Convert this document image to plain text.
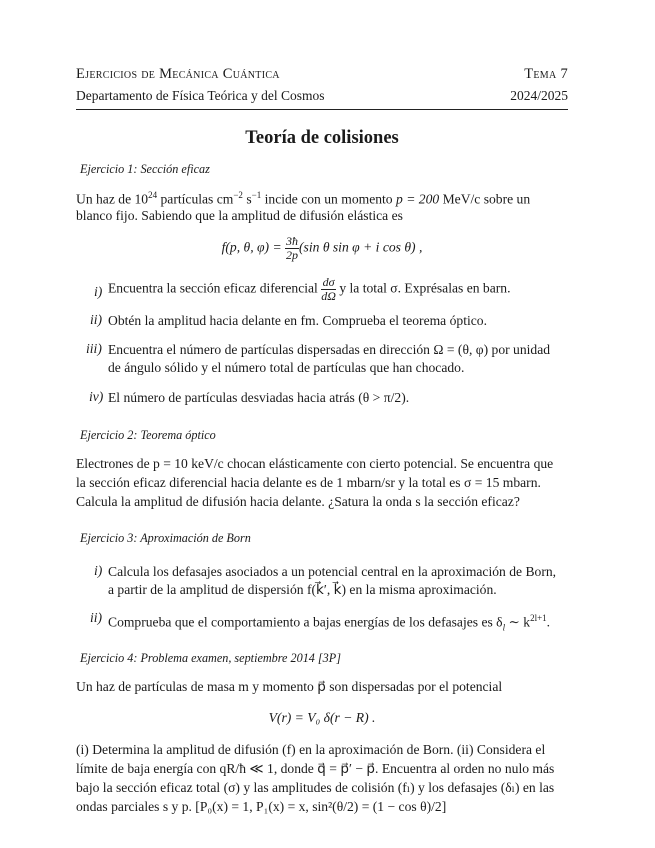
Ejercicios de Mecánica Cuántica	Tema 7
Departamento de Física Teórica y del Cosmos	2024/2025
Teoría de colisiones
Ejercicio 1: Sección eficaz
Un haz de $10^{24}$ partículas $cm^{-2}$ $s^{-1}$ incide con un momento p = 200 MeV/c sobre un
blanco fijo. Sabiendo que la amplitud de difusión elástica es
f(p, θ, $\varphi) = \frac{3ħ}{2p} (\sin$ θ sin φ + i cos θ) ,
i) Encuentra la sección eficaz diferencial $\frac{d\sigma}{d\Omega}$ y la total σ. Exprésalas en barn.
ii) Obtén la amplitud hacia delante en fm. Comprueba el teorema óptico.
iii) Encuentra el número de partículas dispersadas en dirección Ω = (θ, φ) por unidad
de ángulo sólido y el número total de partículas que han chocado.
iv) El número de partículas desviadas hacia atrás (θ > π/2).
Ejercicio 2: Teorema óptico
Electrones de p = 10 keV/c chocan elásticamente con cierto potencial. Se encuentra que
la sección eficaz diferencial hacia delante es de 1 mbarn/sr y la total es σ = 15 mbarn.
Calcula la amplitud de difusión hacia delante. ¿Satura la onda s la sección eficaz?
Ejercicio 3: Aproximación de Born
i) Calcula los defasajes asociados a un potencial central en la aproximación de Born,
a partir de la amplitud de dispersión f(k⃗′, k⃗) en la misma aproximación.
ii) Comprueba que el comportamiento a bajas energías de los defasajes es $\delta_l$ ∼ $k^{2l+1}$.
Ejercicio 4: Problema examen, septiembre 2014 [3P]
Un haz de partículas de masa m y momento p⃗ son dispersadas por el potencial
V(r) = V₀ δ(r − R) .
(i) Determina la amplitud de difusión (f) en la aproximación de Born. (ii) Considera el
límite de baja energía con qR/ħ ≪ 1, donde q⃗ = p⃗′ − p⃗. Encuentra al orden no nulo más
bajo la sección eficaz total (σ) y las amplitudes de colisión (fₗ) y los defasajes (δₗ) en las
ondas parciales s y p. [P₀(x) = 1, P₁(x) = x, sin²(θ/2) = (1 − cos θ)/2]
